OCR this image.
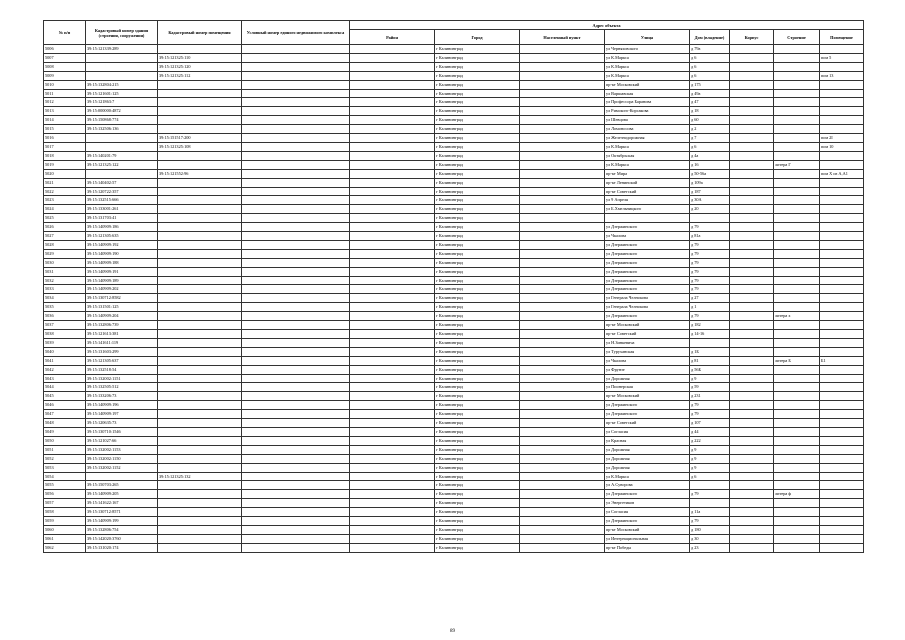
№ п/п	Кадастровый номер здания (строения, сооружения)	Кадастровый номер помещения	Условный номер единого недвижимого комплекса	Адрес объекта							
				Район	Город	Населенный пункт	Улица	Дом (владение)	Корпус	Строение	Помещение
5006	39:15:121339:289				г Калининград		ул Черняховского	д 79а			
5007		39:15:121325:110			г Калининград		ул К.Маркса	д 6			пом 5
5008		39:15:121325:120			г Калининград		ул К.Маркса	д 6			
5009		39:15:121325:112			г Калининград		ул К.Маркса	д 6			пом 13
5010	39:15:132804:215				г Калининград		пр-кт Московский	д 175			
5011	39:15:121601:125				г Калининград		ул Варшавская	д 49а			
5012	39:15:121863:7				г Калининград		ул Профессора Баранова	д 47			
5013	39:15:000000:4872				г Калининград		ул Римского-Корсакова	д 18			
5014	39:15:150868:774				г Калининград		ул Шевцова	д 60			
5015	39:15:132506:136				г Калининград		ул Ломоносова	д 2			
5016		39:15:151517:200			г Калининград		ул Железнодорожная	д 7			пом 2I
5017		39:15:121325:108			г Калининград		ул К.Маркса	д 6			пом 10
5018	39:15:140201:79				г Калининград		ул Октябрьская	д 4а			
5019	39:15:121325:122				г Калининград		ул К.Маркса	д 16		литера Г	
5020		39:15:121552:96			г Калининград		пр-кт Мира	д 50-56а			пом X из А,А1
5021	39:15:140402:57				г Калининград		пр-кт Ленинский	д 109а			
5022	39:15:120722:357				г Калининград		пр-кт Советский	д 187			
5023	39:15:132515:666				г Калининград		ул 9 Апреля	д 30А			
5024	39:15:133001:261				г Калининград		ул Б.Хмельницкого	д 20			
5025	39:15:131703:41				г Калининград						
5026	39:15:140909:186				г Калининград		ул Дзержинского	д 79			
5027	39:15:121305:635				г Калининград		ул Чкалова	д 81а			
5028	39:15:140909:192				г Калининград		ул Дзержинского	д 79			
5029	39:15:140909:190				г Калининград		ул Дзержинского	д 79			
5030	39:15:140909:188				г Калининград		ул Дзержинского	д 79			
5031	39:15:140909:191				г Калининград		ул Дзержинского	д 79			
5032	39:15:140909:189				г Калининград		ул Дзержинского	д 79			
5033	39:15:140909:202				г Калининград		ул Дзержинского	д 79			
5034	39:15:130712:8582				г Калининград		ул Генерала Челнокова	д 27			
5035	39:15:131501:125				г Калининград		ул Генерала Челнокова	д 1			
5036	39:15:140909:204				г Калининград		ул Дзержинского	д 79		литера х	
5037	39:15:132806:739				г Калининград		пр-кт Московский	д 182			
5038	39:15:121613:381				г Калининград		пр-кт Советский	д 14-16			
5039	39:15:141611:119				г Калининград		ул Н.Зинкевича				
5040	39:15:131603:299				г Калининград		ул Туруханская	д 1Б			
5041	39:15:121305:637				г Калининград		ул Чкалова	д 81		литера Б	Б1
5042	39:15:132518:54				г Калининград		ул Фрунзе	д 56Б			
5043	39:15:132002:1151				г Калининград		ул Дорожная	д 9			
5044	39:15:132505:512				г Калининград		ул Пионерская	д 59			
5045	39:15:133206:73				г Калининград		пр-кт Московский	д 231			
5046	39:15:140909:196				г Калининград		ул Дзержинского	д 79			
5047	39:15:140909:197				г Калининград		ул Дзержинского	д 79			
5048	39:15:120635:73				г Калининград		пр-кт Советский	д 107			
5049	39:15:130710:1546				г Калининград		ул Согласия	д 44			
5050	39:15:121027:66				г Калининград		ул Красная	д 222			
5051	39:15:132002:1153				г Калининград		ул Дорожная	д 9			
5052	39:15:132002:1150				г Калининград		ул Дорожная	д 9			
5053	39:15:132002:1152				г Калининград		ул Дорожная	д 9			
5054		39:15:121325:132			г Калининград		ул К.Маркса	д 6			
5055	39:15:150703:265				г Калининград		ул А.Суворова				
5056	39:15:140909:205				г Калининград		ул Дзержинского	д 79		литера ф	
5057	39:15:141622:167				г Калининград		ул Энергетиков				
5058	39:15:130712:8571				г Калининград		ул Согласия	д 11а			
5059	39:15:140909:199				г Калининград		ул Дзержинского	д 79			
5060	39:15:132806:754				г Калининград		пр-кт Московский	д 180			
5061	39:15:142020:3760				г Калининград		ул Интернациональная	д 30			
5062	39:15:131020:174				г Калининград		пр-кт Победы	д 23			
89
